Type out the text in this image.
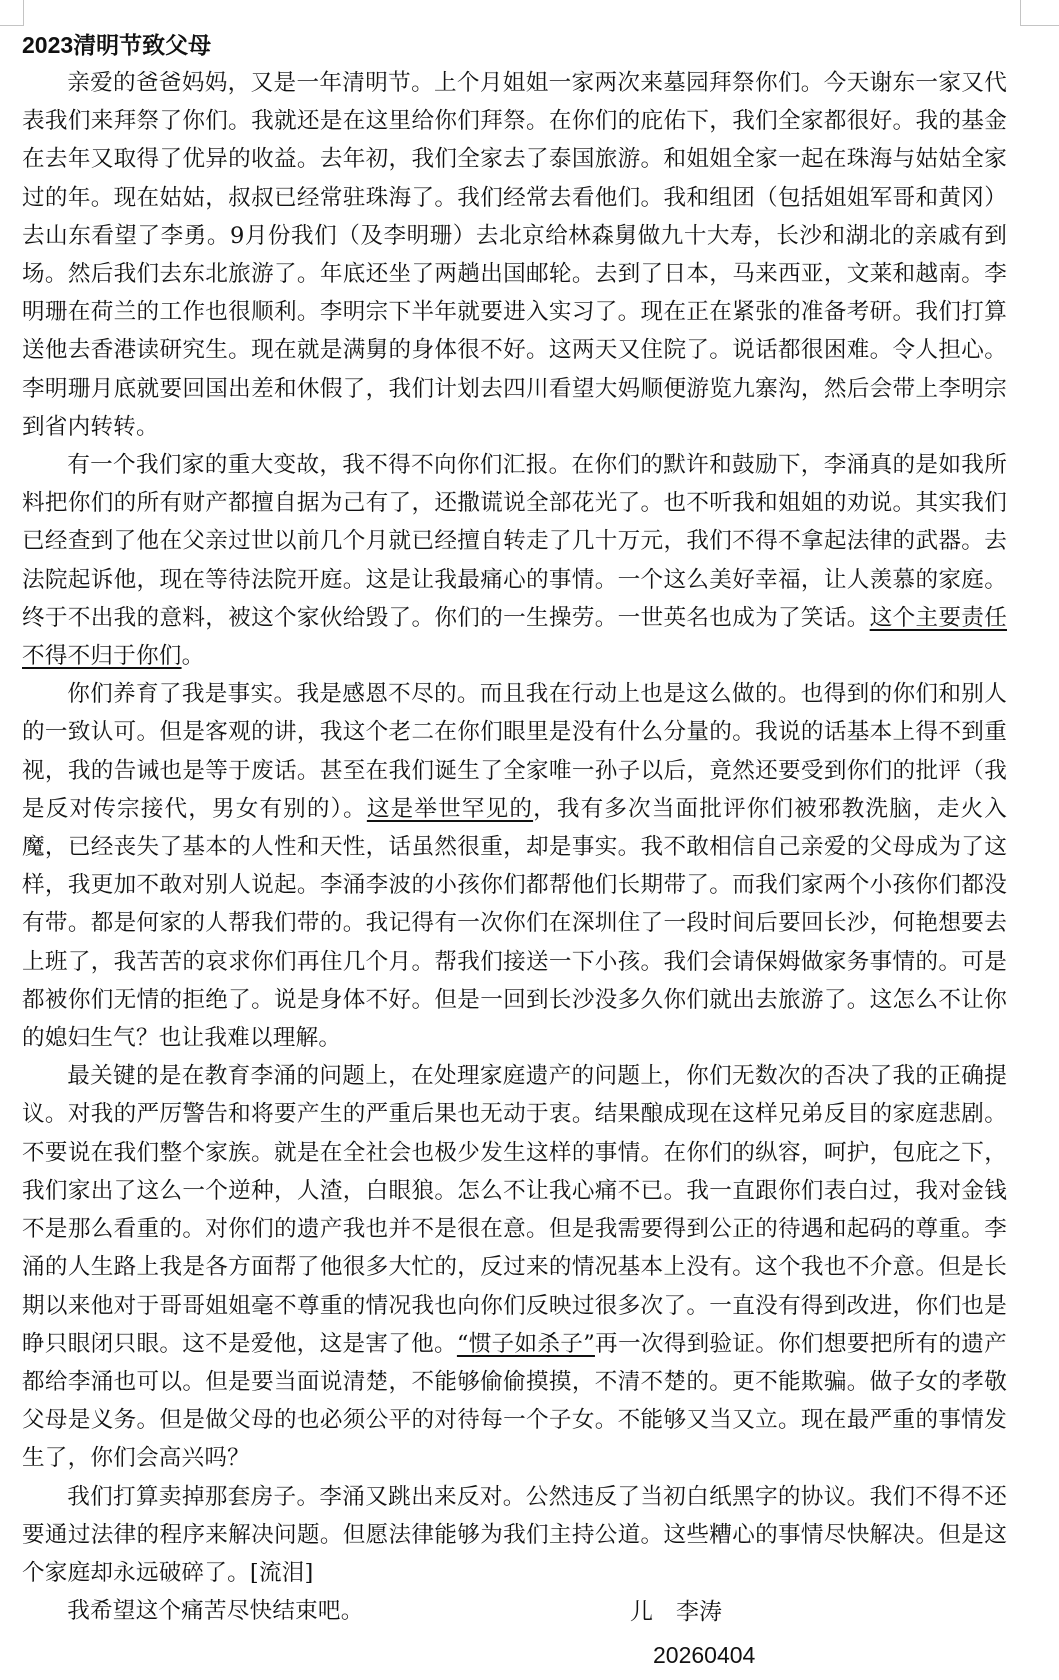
2023清明节致父母

亲爱的爸爸妈妈，又是一年清明节。上个月姐姐一家两次来墓园拜祭你们。今天谢东一家又代表我们来拜祭了你们。我就还是在这里给你们拜祭。在你们的庇佑下，我们全家都很好。我的基金在去年又取得了优异的收益。去年初，我们全家去了泰国旅游。和姐姐全家一起在珠海与姑姑全家过的年。现在姑姑，叔叔已经常驻珠海了。我们经常去看他们。我和组团（包括姐姐军哥和黄冈）去山东看望了李勇。9月份我们（及李明珊）去北京给林森舅做九十大寿，长沙和湖北的亲戚有到场。然后我们去东北旅游了。年底还坐了两趟出国邮轮。去到了日本，马来西亚，文莱和越南。李明珊在荷兰的工作也很顺利。李明宗下半年就要进入实习了。现在正在紧张的准备考研。我们打算送他去香港读研究生。现在就是满舅的身体很不好。这两天又住院了。说话都很困难。令人担心。李明珊月底就要回国出差和休假了，我们计划去四川看望大妈顺便游览九寨沟，然后会带上李明宗到省内转转。

有一个我们家的重大变故，我不得不向你们汇报。在你们的默许和鼓励下，李涌真的是如我所料把你们的所有财产都擅自据为己有了，还撒谎说全部花光了。也不听我和姐姐的劝说。其实我们已经查到了他在父亲过世以前几个月就已经擅自转走了几十万元，我们不得不拿起法律的武器。去法院起诉他，现在等待法院开庭。这是让我最痛心的事情。一个这么美好幸福，让人羡慕的家庭。终于不出我的意料，被这个家伙给毁了。你们的一生操劳。一世英名也成为了笑话。这个主要责任不得不归于你们。

你们养育了我是事实。我是感恩不尽的。而且我在行动上也是这么做的。也得到的你们和别人的一致认可。但是客观的讲，我这个老二在你们眼里是没有什么分量的。我说的话基本上得不到重视，我的告诫也是等于废话。甚至在我们诞生了全家唯一孙子以后，竟然还要受到你们的批评（我是反对传宗接代，男女有别的）。这是举世罕见的，我有多次当面批评你们被邪教洗脑，走火入魔，已经丧失了基本的人性和天性，话虽然很重，却是事实。我不敢相信自己亲爱的父母成为了这样，我更加不敢对别人说起。李涌李波的小孩你们都帮他们长期带了。而我们家两个小孩你们都没有带。都是何家的人帮我们带的。我记得有一次你们在深圳住了一段时间后要回长沙，何艳想要去上班了，我苦苦的哀求你们再住几个月。帮我们接送一下小孩。我们会请保姆做家务事情的。可是都被你们无情的拒绝了。说是身体不好。但是一回到长沙没多久你们就出去旅游了。这怎么不让你的媳妇生气？也让我难以理解。

最关键的是在教育李涌的问题上，在处理家庭遗产的问题上，你们无数次的否决了我的正确提议。对我的严厉警告和将要产生的严重后果也无动于衷。结果酿成现在这样兄弟反目的家庭悲剧。不要说在我们整个家族。就是在全社会也极少发生这样的事情。在你们的纵容，呵护，包庇之下，我们家出了这么一个逆种，人渣，白眼狼。怎么不让我心痛不已。我一直跟你们表白过，我对金钱不是那么看重的。对你们的遗产我也并不是很在意。但是我需要得到公正的待遇和起码的尊重。李涌的人生路上我是各方面帮了他很多大忙的，反过来的情况基本上没有。这个我也不介意。但是长期以来他对于哥哥姐姐毫不尊重的情况我也向你们反映过很多次了。一直没有得到改进，你们也是睁只眼闭只眼。这不是爱他，这是害了他。“惯子如杀子”再一次得到验证。你们想要把所有的遗产都给李涌也可以。但是要当面说清楚，不能够偷偷摸摸，不清不楚的。更不能欺骗。做子女的孝敬父母是义务。但是做父母的也必须公平的对待每一个子女。不能够又当又立。现在最严重的事情发生了，你们会高兴吗？

我们打算卖掉那套房子。李涌又跳出来反对。公然违反了当初白纸黑字的协议。我们不得不还要通过法律的程序来解决问题。但愿法律能够为我们主持公道。这些糟心的事情尽快解决。但是这个家庭却永远破碎了。[流泪]

我希望这个痛苦尽快结束吧。	儿　李涛
20260404
